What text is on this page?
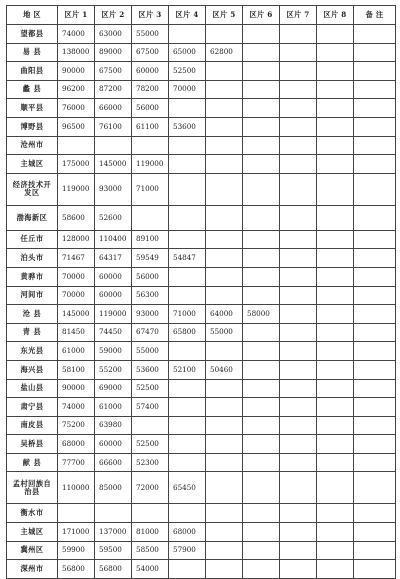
地 区	区片 1	区片 2	区片 3	区片 4	区片 5	区片 6	区片 7	区片 8	备 注	
望都县	74000	63000	55000							
易 县	138000	89000	67500	65000	62800					
曲阳县	90000	67500	60000	52500						
蠡 县	96200	87200	78200	70000						
顺平县	76000	66000	56000							
博野县	96500	76100	61100	53600						
沧州市										
主城区	175000	145000	119000							
经济技术开发区	119000	93000	71000							
渤海新区	58600	52600								
任丘市	128000	110400	89100							
泊头市	71467	64317	59549	54847						
黄骅市	70000	60000	56000							
河间市	70000	60000	56300							
沧 县	145000	119000	93000	71000	64000	58000				
青 县	81450	74450	67470	65800	55000					
东光县	61000	59000	55000							
海兴县	58100	55200	53600	52100	50460					
盐山县	90000	69000	52500							
肃宁县	74000	61000	57400							
南皮县	75200	63980								
吴桥县	68000	60000	52500							
献 县	77700	66600	52300							
孟村回族自治县	110000	85000	72000	65450						
衡水市										
主城区	171000	137000	81000	68000						
冀州区	59900	59500	58500	57900						
深州市	56800	56800	54000							
